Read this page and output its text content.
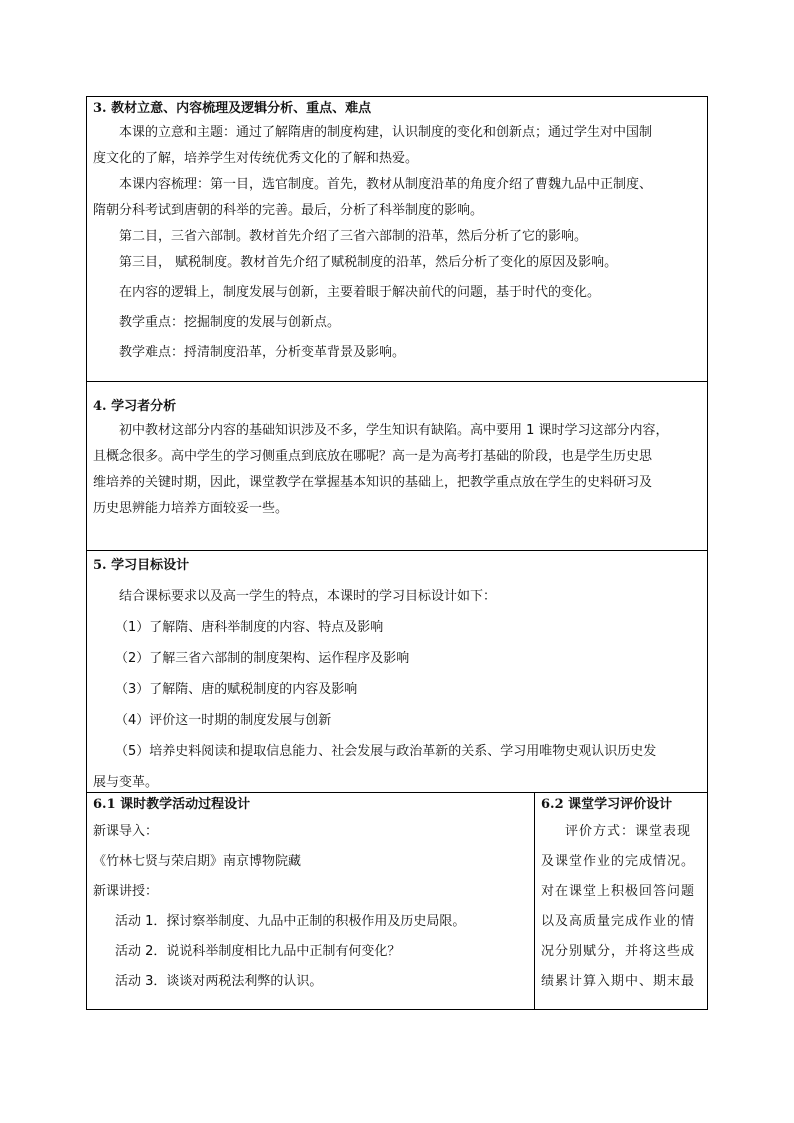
3. 教材立意、内容梳理及逻辑分析、重点、难点
本课的立意和主题：通过了解隋唐的制度构建，认识制度的变化和创新点；通过学生对中国制
度文化的了解，培养学生对传统优秀文化的了解和热爱。
本课内容梳理：第一目，选官制度。首先，教材从制度沿革的角度介绍了曹魏九品中正制度、
隋朝分科考试到唐朝的科举的完善。最后，分析了科举制度的影响。
第二目，三省六部制。教材首先介绍了三省六部制的沿革，然后分析了它的影响。
第三目， 赋税制度。教材首先介绍了赋税制度的沿革，然后分析了变化的原因及影响。
在内容的逻辑上，制度发展与创新，主要着眼于解决前代的问题，基于时代的变化。
教学重点：挖掘制度的发展与创新点。
教学难点：捋清制度沿革，分析变革背景及影响。
4. 学习者分析
初中教材这部分内容的基础知识涉及不多，学生知识有缺陷。高中要用 1 课时学习这部分内容，
且概念很多。高中学生的学习侧重点到底放在哪呢？高一是为高考打基础的阶段，也是学生历史思
维培养的关键时期，因此，课堂教学在掌握基本知识的基础上，把教学重点放在学生的史料研习及
历史思辨能力培养方面较妥一些。
5. 学习目标设计
结合课标要求以及高一学生的特点，本课时的学习目标设计如下：
（1）了解隋、唐科举制度的内容、特点及影响
（2）了解三省六部制的制度架构、运作程序及影响
（3）了解隋、唐的赋税制度的内容及影响
（4）评价这一时期的制度发展与创新
（5）培养史料阅读和提取信息能力、社会发展与政治革新的关系、学习用唯物史观认识历史发
展与变革。
6.1 课时教学活动过程设计
新课导入：
《竹林七贤与荣启期》南京博物院藏
新课讲授：
活动 1．探讨察举制度、九品中正制的积极作用及历史局限。
活动 2．说说科举制度相比九品中正制有何变化？
活动 3．谈谈对两税法利弊的认识。
6.2 课堂学习评价设计
评价方式：课堂表现
及课堂作业的完成情况。
对在课堂上积极回答问题
以及高质量完成作业的情
况分别赋分，并将这些成
绩累计算入期中、期末最
